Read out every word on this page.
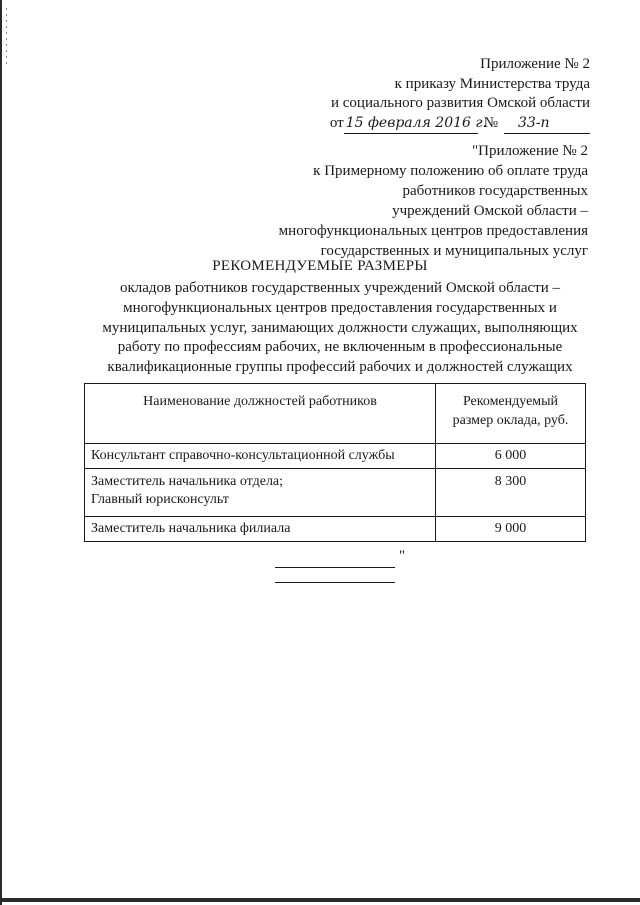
Приложение № 2
к приказу Министерства труда
и социального развития Омской области
от 15 февраля 2016 г.№ 33-п
"Приложение № 2
к Примерному положению об оплате труда
работников государственных
учреждений Омской области –
многофункциональных центров предоставления
государственных и муниципальных услуг
РЕКОМЕНДУЕМЫЕ РАЗМЕРЫ
окладов работников государственных учреждений Омской области –
многофункциональных центров предоставления государственных и
муниципальных услуг, занимающих должности служащих, выполняющих
работу по профессиям рабочих, не включенным в профессиональные
квалификационные группы профессий рабочих и должностей служащих
Наименование должностей работников	Рекомендуемый
размер оклада, руб.

Консультант справочно-консультационной службы	6 000

Заместитель начальника отдела;
Главный юрисконсульт	8 300
Заместитель начальника филиала	9 000
"
